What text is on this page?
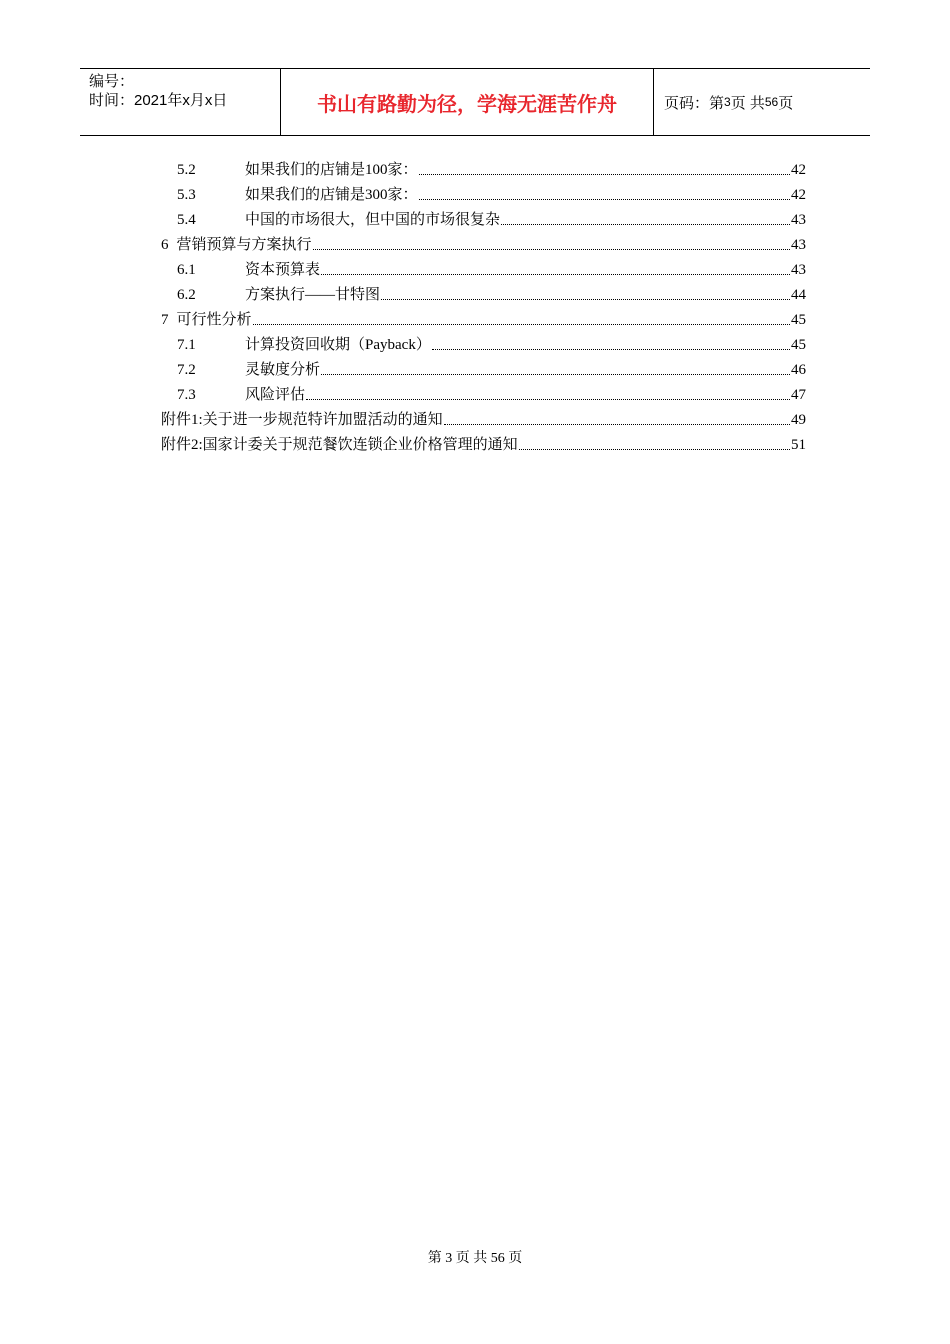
编号：
时间：2021年x月x日	书山有路勤为径，学海无涯苦作舟	页码：第 3 页 共 56 页
5.2	如果我们的店铺是100家：	42
5.3	如果我们的店铺是300家：	42
5.4	中国的市场很大，但中国的市场很复杂	43
6 营销预算与方案执行	43
6.1	资本预算表	43
6.2	方案执行——甘特图	44
7 可行性分析	45
7.1	计算投资回收期（Payback）	45
7.2	灵敏度分析	46
7.3	风险评估	47
附件1: 关于进一步规范特许加盟活动的通知	49
附件2: 国家计委关于规范餐饮连锁企业价格管理的通知	51
第 3 页 共 56 页
